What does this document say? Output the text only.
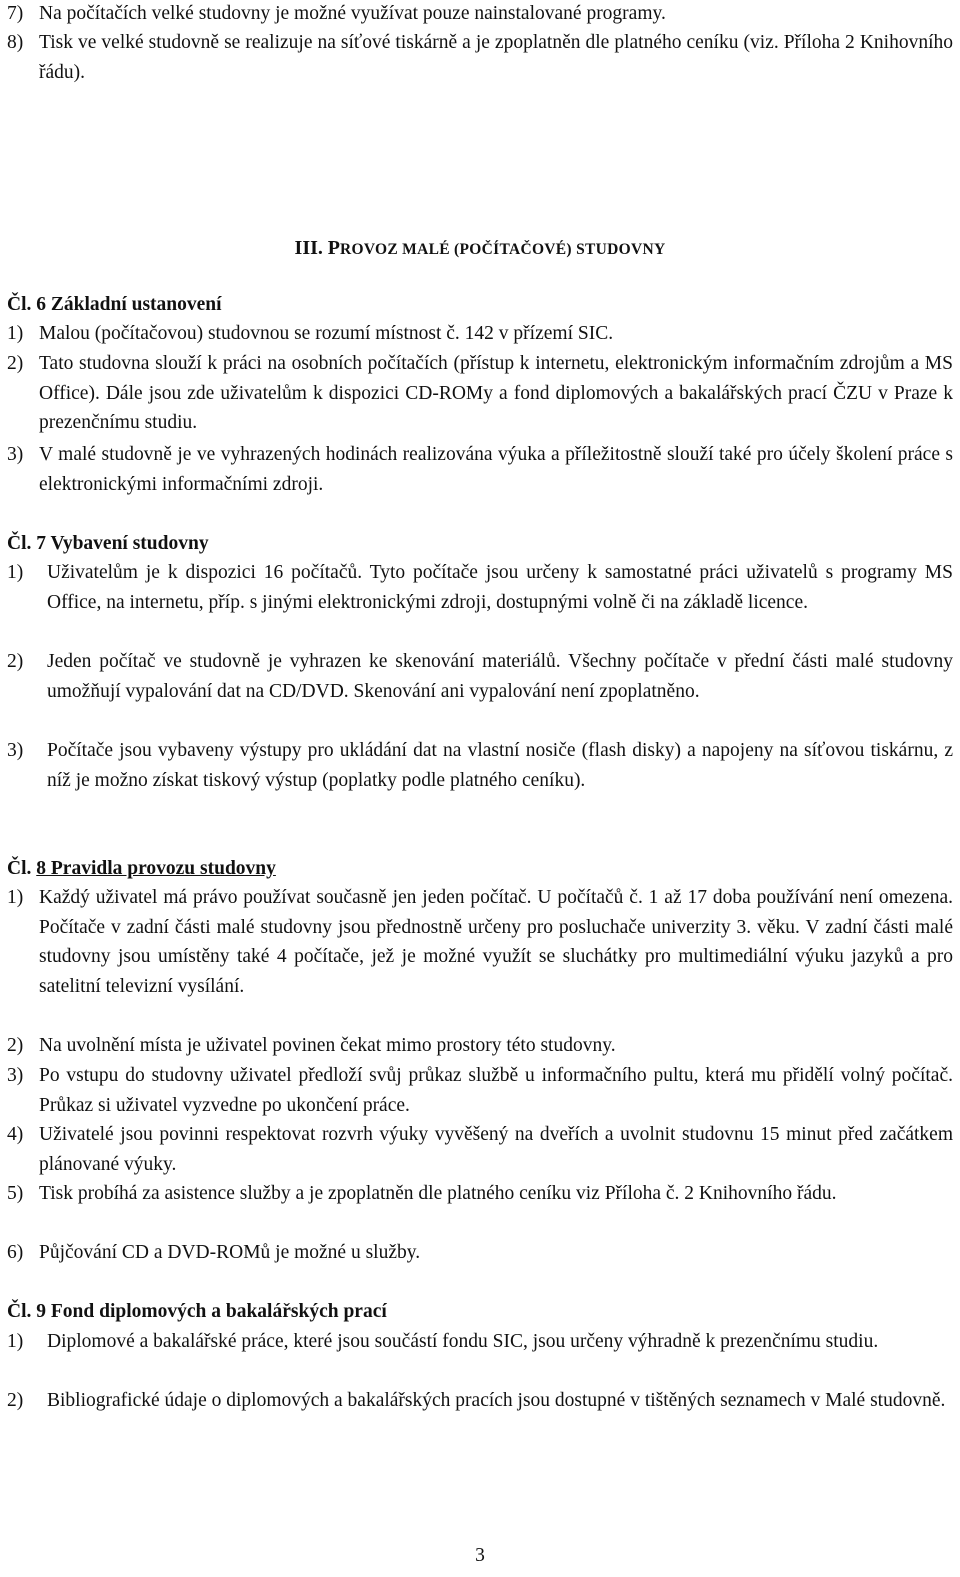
7) Na počítačích velké studovny je možné využívat pouze nainstalované programy.
8) Tisk ve velké studovně se realizuje na síťové tiskárně a je zpoplatněn dle platného ceníku (viz. Příloha 2 Knihovního řádu).
III. PROVOZ MALÉ (POČÍTAČOVÉ) STUDOVNY
Čl. 6 Základní ustanovení
1) Malou (počítačovou) studovnou se rozumí místnost č. 142 v přízemí SIC.
2) Tato studovna slouží k práci na osobních počítačích (přístup k internetu, elektronickým informačním zdrojům a MS Office). Dále jsou zde uživatelům k dispozici CD-ROMy a fond diplomových a bakalářských prací ČZU v Praze k prezenčnímu studiu.
3) V malé studovně je ve vyhrazených hodinách realizována výuka a příležitostně slouží také pro účely školení práce s elektronickými informačními zdroji.
Čl. 7 Vybavení studovny
1)	Uživatelům je k dispozici 16 počítačů. Tyto počítače jsou určeny k samostatné práci uživatelů s programy MS Office, na internetu, příp. s jinými elektronickými zdroji, dostupnými volně či na základě licence.
2)	Jeden počítač ve studovně je vyhrazen ke skenování materiálů. Všechny počítače v přední části malé studovny umožňují vypalování dat na CD/DVD. Skenování ani vypalování není zpoplatněno.
3)	Počítače jsou vybaveny výstupy pro ukládání dat na vlastní nosiče (flash disky) a napojeny na síťovou tiskárnu, z níž je možno získat tiskový výstup (poplatky podle platného ceníku).
Čl. 8 Pravidla provozu studovny
1) Každý uživatel má právo používat současně jen jeden počítač. U počítačů č. 1 až 17 doba používání není omezena. Počítače v zadní části malé studovny jsou přednostně určeny pro posluchače univerzity 3. věku. V zadní části malé studovny jsou umístěny také 4 počítače, jež je možné využít se sluchátky pro multimediální výuku jazyků a pro satelitní televizní vysílání.
2) Na uvolnění místa je uživatel povinen čekat mimo prostory této studovny.
3) Po vstupu do studovny uživatel předloží svůj průkaz službě u informačního pultu, která mu přidělí volný počítač. Průkaz si uživatel vyzvedne po ukončení práce.
4) Uživatelé jsou povinni respektovat rozvrh výuky vyvěšený na dveřích a uvolnit studovnu 15 minut před začátkem plánované výuky.
5) Tisk probíhá za asistence služby a je zpoplatněn dle platného ceníku viz Příloha č. 2 Knihovního řádu.
6) Půjčování CD a DVD-ROMů je možné u služby.
Čl. 9 Fond diplomových a bakalářských prací
1)	Diplomové a bakalářské práce, které jsou součástí fondu SIC, jsou určeny výhradně k prezenčnímu studiu.
2)	Bibliografické údaje o diplomových a bakalářských pracích jsou dostupné v tištěných seznamech v Malé studovně.
3
